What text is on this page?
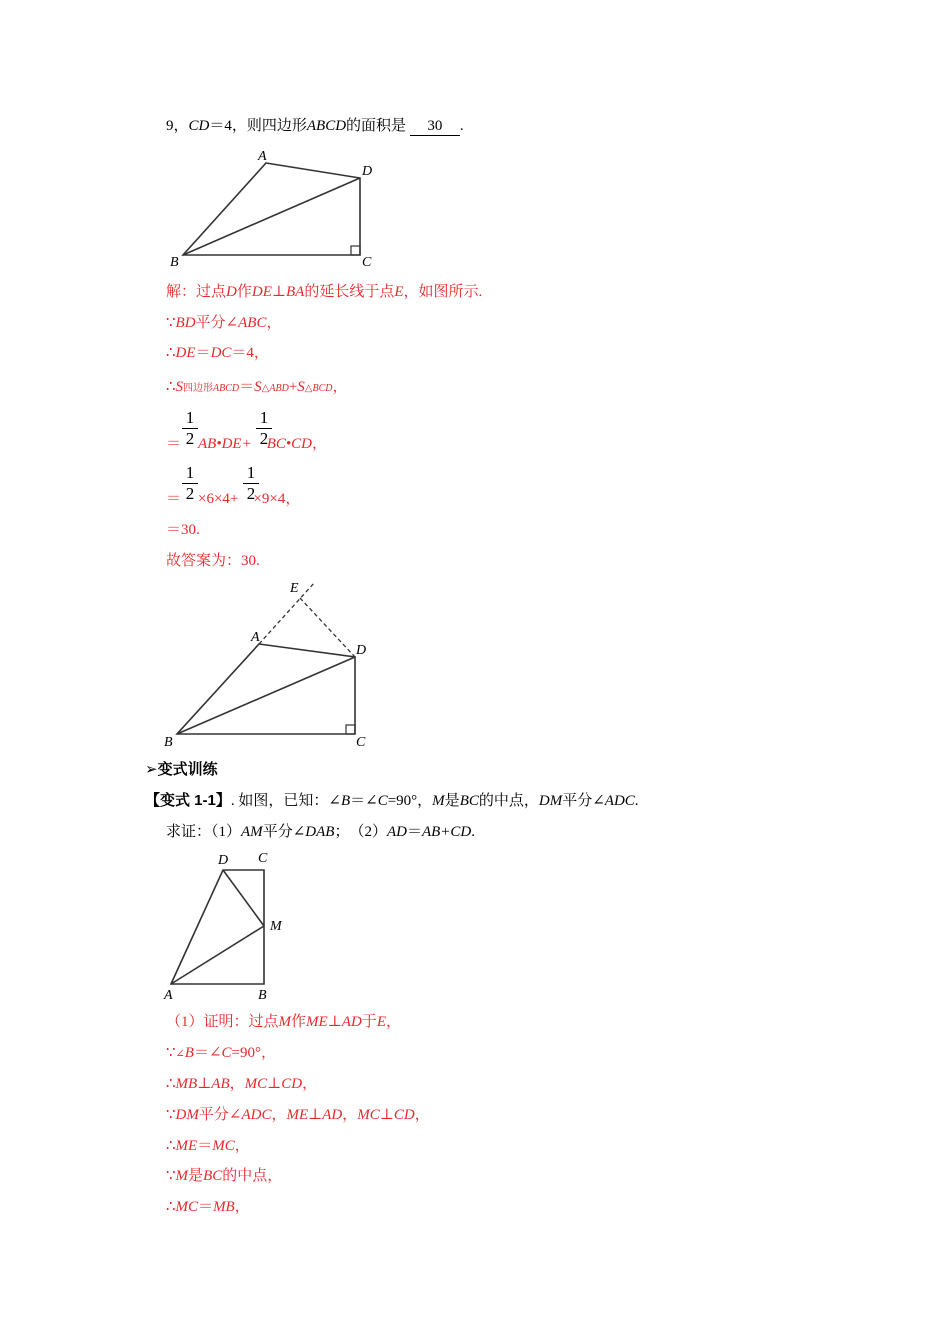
9，CD＝4，则四边形ABCD的面积是 30 .
A
D
B	C
E
A
D
B	C
D C
M
A	B
解：过点D作DE⊥BA的延长线于点E，如图所示.
∵BD平分∠ABC，
∴DE＝DC＝4，
∴S四边形ABCD＝S△ABD+S△BCD，
1
2
1
2
＝ AB•DE+ BC•CD，
1
2
1
2
＝ ×6×4+ ×9×4，
＝30.
故答案为：30.
➢变式训练
【变式 1-1】. 如图，已知：∠B＝∠C=90°，M是BC的中点，DM平分∠ADC.
求证：（1）AM平分∠DAB；　（2）AD＝AB+CD.
（1）证明：过点M作ME⊥AD于E，
∵∠B＝∠C=90°，
∴MB⊥AB，MC⊥CD，
∵DM平分∠ADC，ME⊥AD，MC⊥CD，
∴ME＝MC，
∵M是BC的中点，
∴MC＝MB，
